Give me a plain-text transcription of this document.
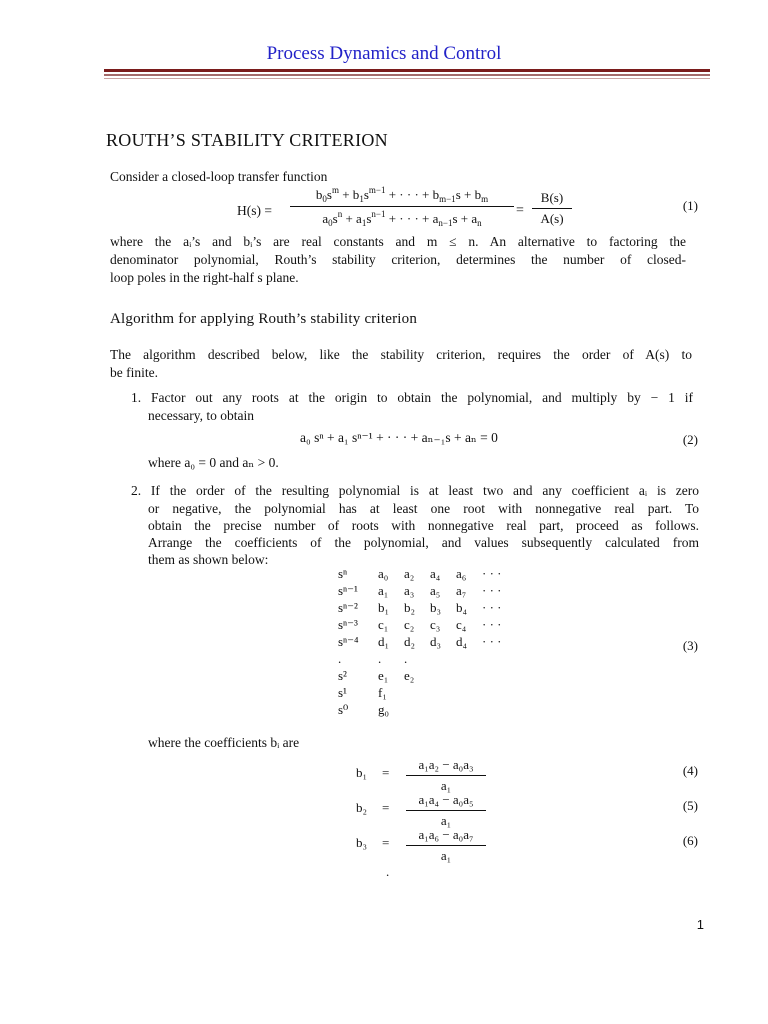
Process Dynamics and Control
ROUTH’S STABILITY CRITERION
Consider a closed-loop transfer function
H(s) =
$b_0s^m + b_1s^{m-1}$ + · · · + $b_{m-1}s + b_m$
$a_0s^n + a_1s^{n-1}$ + · · · + $a_{n-1}s + a_n$
=
B(s)
A(s)
(1)
where the aᵢ’s and bᵢ’s are real constants and m ≤ n. An alternative to factoring the
denominator polynomial, Routh’s stability criterion, determines the number of closed-
loop poles in the right-half s plane.
Algorithm for applying Routh’s stability criterion
The algorithm described below, like the stability criterion, requires the order of A(s) to
be finite.
1. Factor out any roots at the origin to obtain the polynomial, and multiply by − 1 if
necessary, to obtain
a₀ sⁿ + a₁ sⁿ⁻¹ + · · · + aₙ₋₁s + aₙ = 0	(2)
where a₀ = 0 and aₙ > 0.
2. If the order of the resulting polynomial is at least two and any coefficient aᵢ is zero
or negative, the polynomial has at least one root with nonnegative real part. To
obtain the precise number of roots with nonnegative real part, proceed as follows.
Arrange the coefficients of the polynomial, and values subsequently calculated from
them as shown below:
sⁿ	a₀	a₂	a₄	a₆	· · ·
sⁿ⁻¹	a₁	a₃	a₅	a₇	· · ·
sⁿ⁻²	b₁	b₂	b₃	b₄	· · ·
sⁿ⁻³	c₁	c₂	c₃	c₄	· · ·
sⁿ⁻⁴	d₁	d₂	d₃	d₄	· · ·
.	.	.			
s²	e₁	e₂			
s¹	f₁				
s⁰	g₀				
(3)
where the coefficients bᵢ are
b₁ =
a₁a₂ − a₀a₃
a₁
(4)
b₂ =
a₁a₄ − a₀a₅
a₁
(5)
b₃ =
a₁a₆ − a₀a₇
a₁
(6)
.
1
